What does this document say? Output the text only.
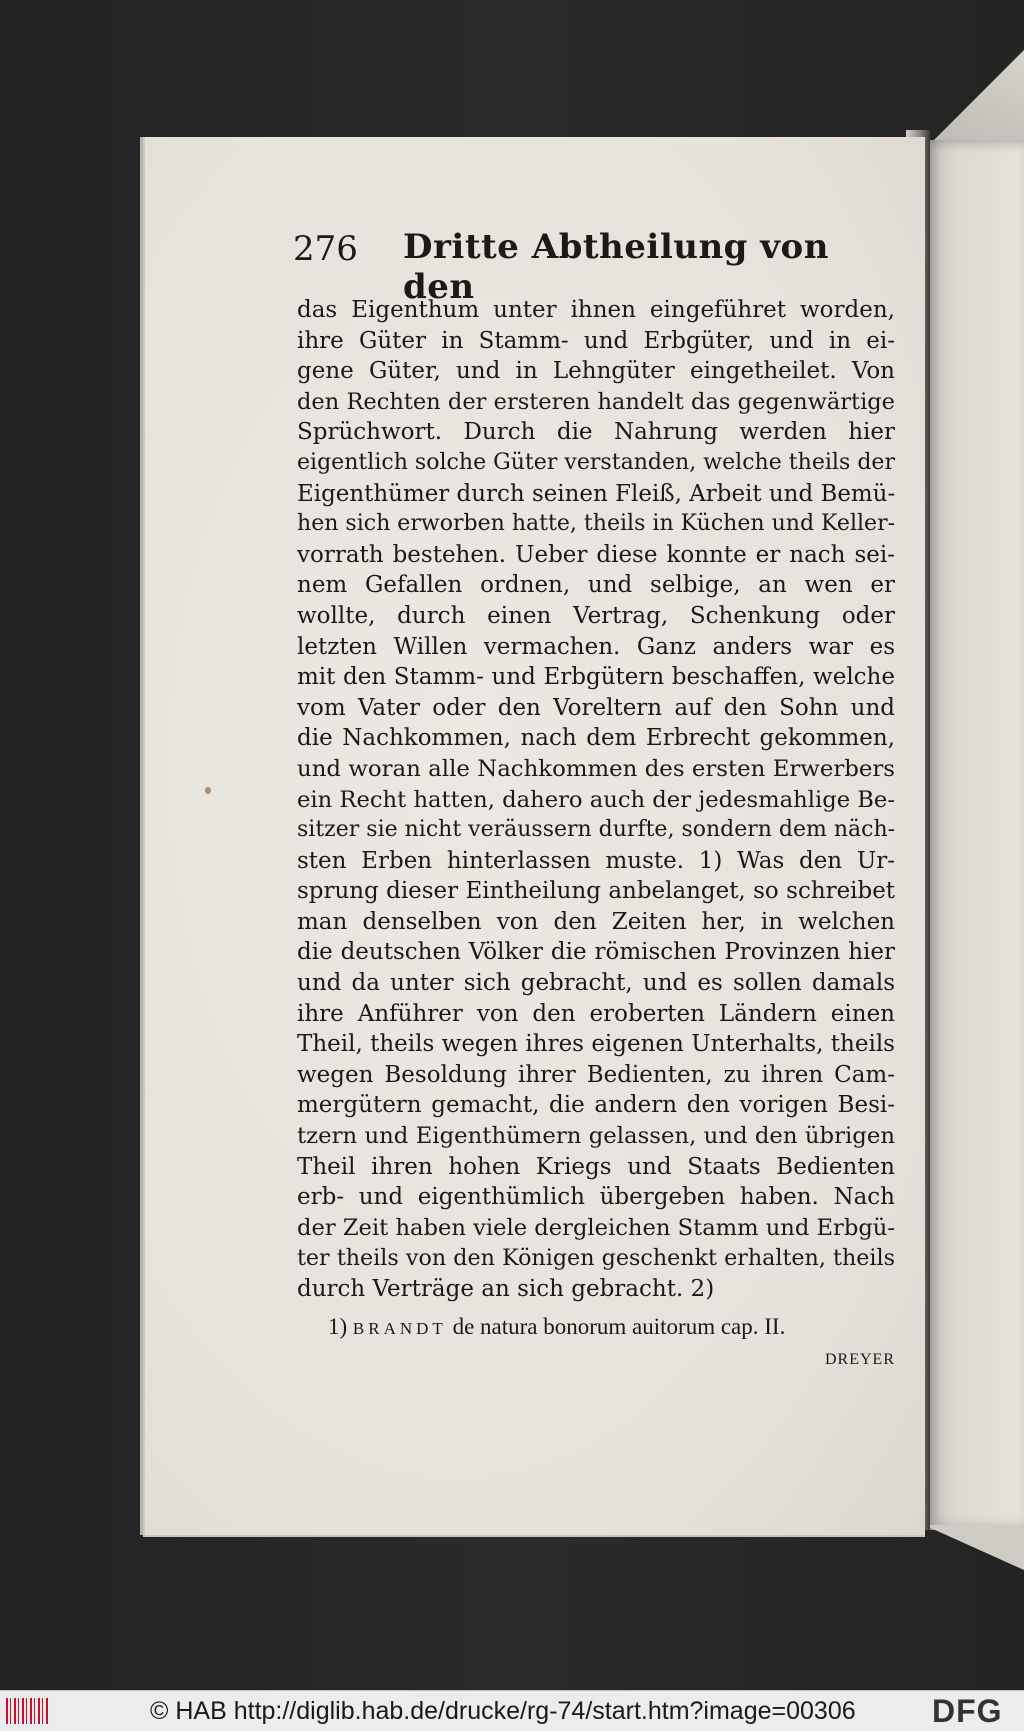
276 Dritte Abtheilung von den
das Eigenthum unter ihnen eingeführet worden,
ihre Güter in Stamm- und Erbgüter, und in ei-
gene Güter, und in Lehngüter eingetheilet. Von
den Rechten der ersteren handelt das gegenwärtige
Sprüchwort. Durch die Nahrung werden hier
eigentlich solche Güter verstanden, welche theils der
Eigenthümer durch seinen Fleiß, Arbeit und Bemü-
hen sich erworben hatte, theils in Küchen und Keller-
vorrath bestehen. Ueber diese konnte er nach sei-
nem Gefallen ordnen, und selbige, an wen er
wollte, durch einen Vertrag, Schenkung oder
letzten Willen vermachen. Ganz anders war es
mit den Stamm- und Erbgütern beschaffen, welche
vom Vater oder den Voreltern auf den Sohn und
die Nachkommen, nach dem Erbrecht gekommen,
und woran alle Nachkommen des ersten Erwerbers
ein Recht hatten, dahero auch der jedesmahlige Be-
sitzer sie nicht veräussern durfte, sondern dem näch-
sten Erben hinterlassen muste. 1) Was den Ur-
sprung dieser Eintheilung anbelanget, so schreibet
man denselben von den Zeiten her, in welchen
die deutschen Völker die römischen Provinzen hier
und da unter sich gebracht, und es sollen damals
ihre Anführer von den eroberten Ländern einen
Theil, theils wegen ihres eigenen Unterhalts, theils
wegen Besoldung ihrer Bedienten, zu ihren Cam-
mergütern gemacht, die andern den vorigen Besi-
tzern und Eigenthümern gelassen, und den übrigen
Theil ihren hohen Kriegs und Staats Bedienten
erb- und eigenthümlich übergeben haben. Nach
der Zeit haben viele dergleichen Stamm und Erbgü-
ter theils von den Königen geschenkt erhalten, theils
durch Verträge an sich gebracht. 2)
1) BRANDT de natura bonorum auitorum cap. II.
DREYER
© HAB http://diglib.hab.de/drucke/rg-74/start.htm?image=00306 DFG
